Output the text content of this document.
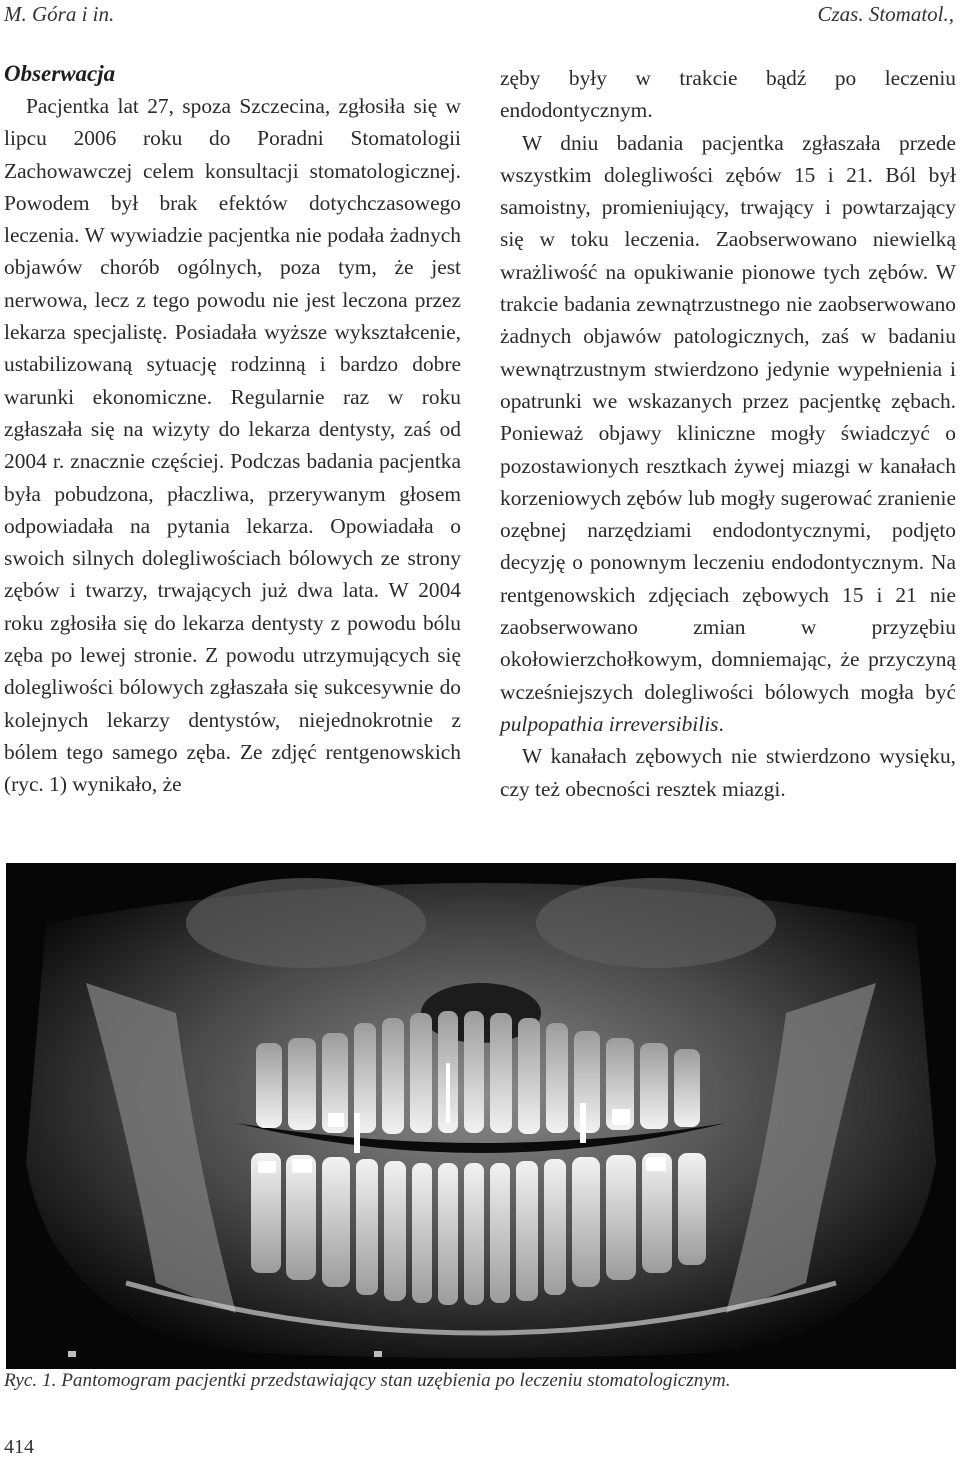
M. Góra i in.	Czas. Stomatol.,
Obserwacja

Pacjentka lat 27, spoza Szczecina, zgłosiła się w lipcu 2006 roku do Poradni Stomatologii Zachowawczej celem konsultacji stomatologicznej. Powodem był brak efektów dotychczasowego leczenia. W wywiadzie pacjentka nie podała żadnych objawów chorób ogólnych, poza tym, że jest nerwowa, lecz z tego powodu nie jest leczona przez lekarza specjalistę. Posiadała wyższe wykształcenie, ustabilizowaną sytuację rodzinną i bardzo dobre warunki ekonomiczne. Regularnie raz w roku zgłaszała się na wizyty do lekarza dentysty, zaś od 2004 r. znacznie częściej. Podczas badania pacjentka była pobudzona, płaczliwa, przerywanym głosem odpowiadała na pytania lekarza. Opowiadała o swoich silnych dolegliwościach bólowych ze strony zębów i twarzy, trwających już dwa lata. W 2004 roku zgłosiła się do lekarza dentysty z powodu bólu zęba po lewej stronie. Z powodu utrzymujących się dolegliwości bólowych zgłaszała się sukcesywnie do kolejnych lekarzy dentystów, niejednokrotnie z bólem tego samego zęba. Ze zdjęć rentgenowskich (ryc. 1) wynikało, że

zęby były w trakcie bądź po leczeniu endodontycznym.

W dniu badania pacjentka zgłaszała przede wszystkim dolegliwości zębów 15 i 21. Ból był samoistny, promieniujący, trwający i powtarzający się w toku leczenia. Zaobserwowano niewielką wrażliwość na opukiwanie pionowe tych zębów. W trakcie badania zewnątrzustnego nie zaobserwowano żadnych objawów patologicznych, zaś w badaniu wewnątrzustnym stwierdzono jedynie wypełnienia i opatrunki we wskazanych przez pacjentkę zębach. Ponieważ objawy kliniczne mogły świadczyć o pozostawionych resztkach żywej miazgi w kanałach korzeniowych zębów lub mogły sugerować zranienie ozębnej narzędziami endodontycznymi, podjęto decyzję o ponownym leczeniu endodontycznym. Na rentgenowskich zdjęciach zębowych 15 i 21 nie zaobserwowano zmian w przyzębiu okołowierzchołkowym, domniemając, że przyczyną wcześniejszych dolegliwości bólowych mogła być pulpopathia irreversibilis.

W kanałach zębowych nie stwierdzono wysięku, czy też obecności resztek miazgi.

Ryc. 1. Pantomogram pacjentki przedstawiający stan uzębienia po leczeniu stomatologicznym.
414
